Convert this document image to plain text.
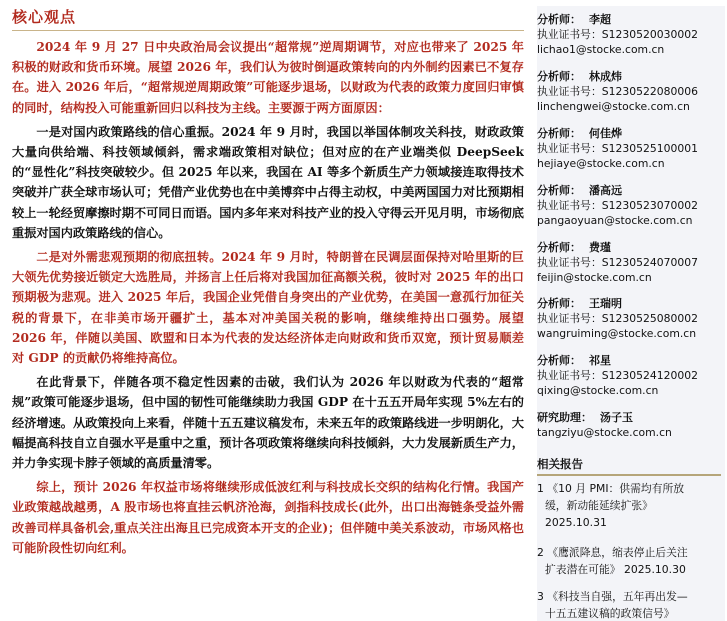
核心观点

2024 年 9 月 27 日中央政治局会议提出“超常规”逆周期调节，对应也带来了 2025 年积极的财政和货币环境。展望 2026 年，我们认为彼时倒逼政策转向的内外制约因素已不复存在。进入 2026 年后，“超常规逆周期政策”可能逐步退场，以财政为代表的政策力度回归审慎的同时，结构投入可能重新回归以科技为主线。主要源于两方面原因：

一是对国内政策路线的信心重振。2024 年 9 月时，我国以举国体制攻关科技，财政政策大量向供给端、科技领域倾斜，需求端政策相对缺位；但对应的在产业端类似 DeepSeek 的“显性化”科技突破较少。但 2025 年以来，我国在 AI 等多个新质生产力领域接连取得技术突破并广获全球市场认可；凭借产业优势也在中美博弈中占得主动权，中美两国国力对比预期相较上一轮经贸摩擦时期不可同日而语。国内多年来对科技产业的投入守得云开见月明，市场彻底重振对国内政策路线的信心。

二是对外需悲观预期的彻底扭转。2024 年 9 月时，特朗普在民调层面保持对哈里斯的巨大领先优势接近锁定大选胜局，并扬言上任后将对我国加征高额关税，彼时对 2025 年的出口预期极为悲观。进入 2025 年后，我国企业凭借自身突出的产业优势，在美国一意孤行加征关税的背景下，在非美市场开疆扩土，基本对冲美国关税的影响，继续维持出口强势。展望 2026 年，伴随以美国、欧盟和日本为代表的发达经济体走向财政和货币双宽，预计贸易顺差对 GDP 的贡献仍将维持高位。

在此背景下，伴随各项不稳定性因素的击破，我们认为 2026 年以财政为代表的“超常规”政策可能逐步退场，但中国的韧性可能继续助力我国 GDP 在十五五开局年实现 5%左右的经济增速。从政策投向上来看，伴随十五五建议稿发布，未来五年的政策路线进一步明朗化，大幅提高科技自立自强水平是重中之重，预计各项政策将继续向科技倾斜，大力发展新质生产力，并力争实现卡脖子领域的高质量清零。

综上，预计 2026 年权益市场将继续形成低波红利与科技成长交织的结构化行情。我国产业政策越战越勇，A 股市场也将直挂云帆济沧海，剑指科技成长(此外，出口出海链条受益外需改善司样具备机会,重点关注出海且已完成资本开支的企业)；但伴随中美关系波动，市场风格也可能阶段性切向红利。

分析师： 李超
执业证书号：S1230520030002
lichao1@stocke.com.cn
分析师： 林成炜
执业证书号：S1230522080006
linchengwei@stocke.com.cn
分析师： 何佳烨
执业证书号：S1230525100001
hejiaye@stocke.com.cn
分析师： 潘高远
执业证书号：S1230523070002
pangaoyuan@stocke.com.cn
分析师： 费瑾
执业证书号：S1230524070007
feijin@stocke.com.cn
分析师： 王瑞明
执业证书号：S1230525080002
wangruiming@stocke.com.cn
分析师： 祁星
执业证书号：S1230524120002
qixing@stocke.com.cn
研究助理： 汤子玉
tangziyu@stocke.com.cn
相关报告
1 《10 月 PMI：供需均有所放
缓，新动能延续扩张》
2025.10.31
2 《鹰派降息，缩表停止后关注
扩表潜在可能》 2025.10.30
3 《科技当自强，五年再出发—
十五五建议稿的政策信号》
